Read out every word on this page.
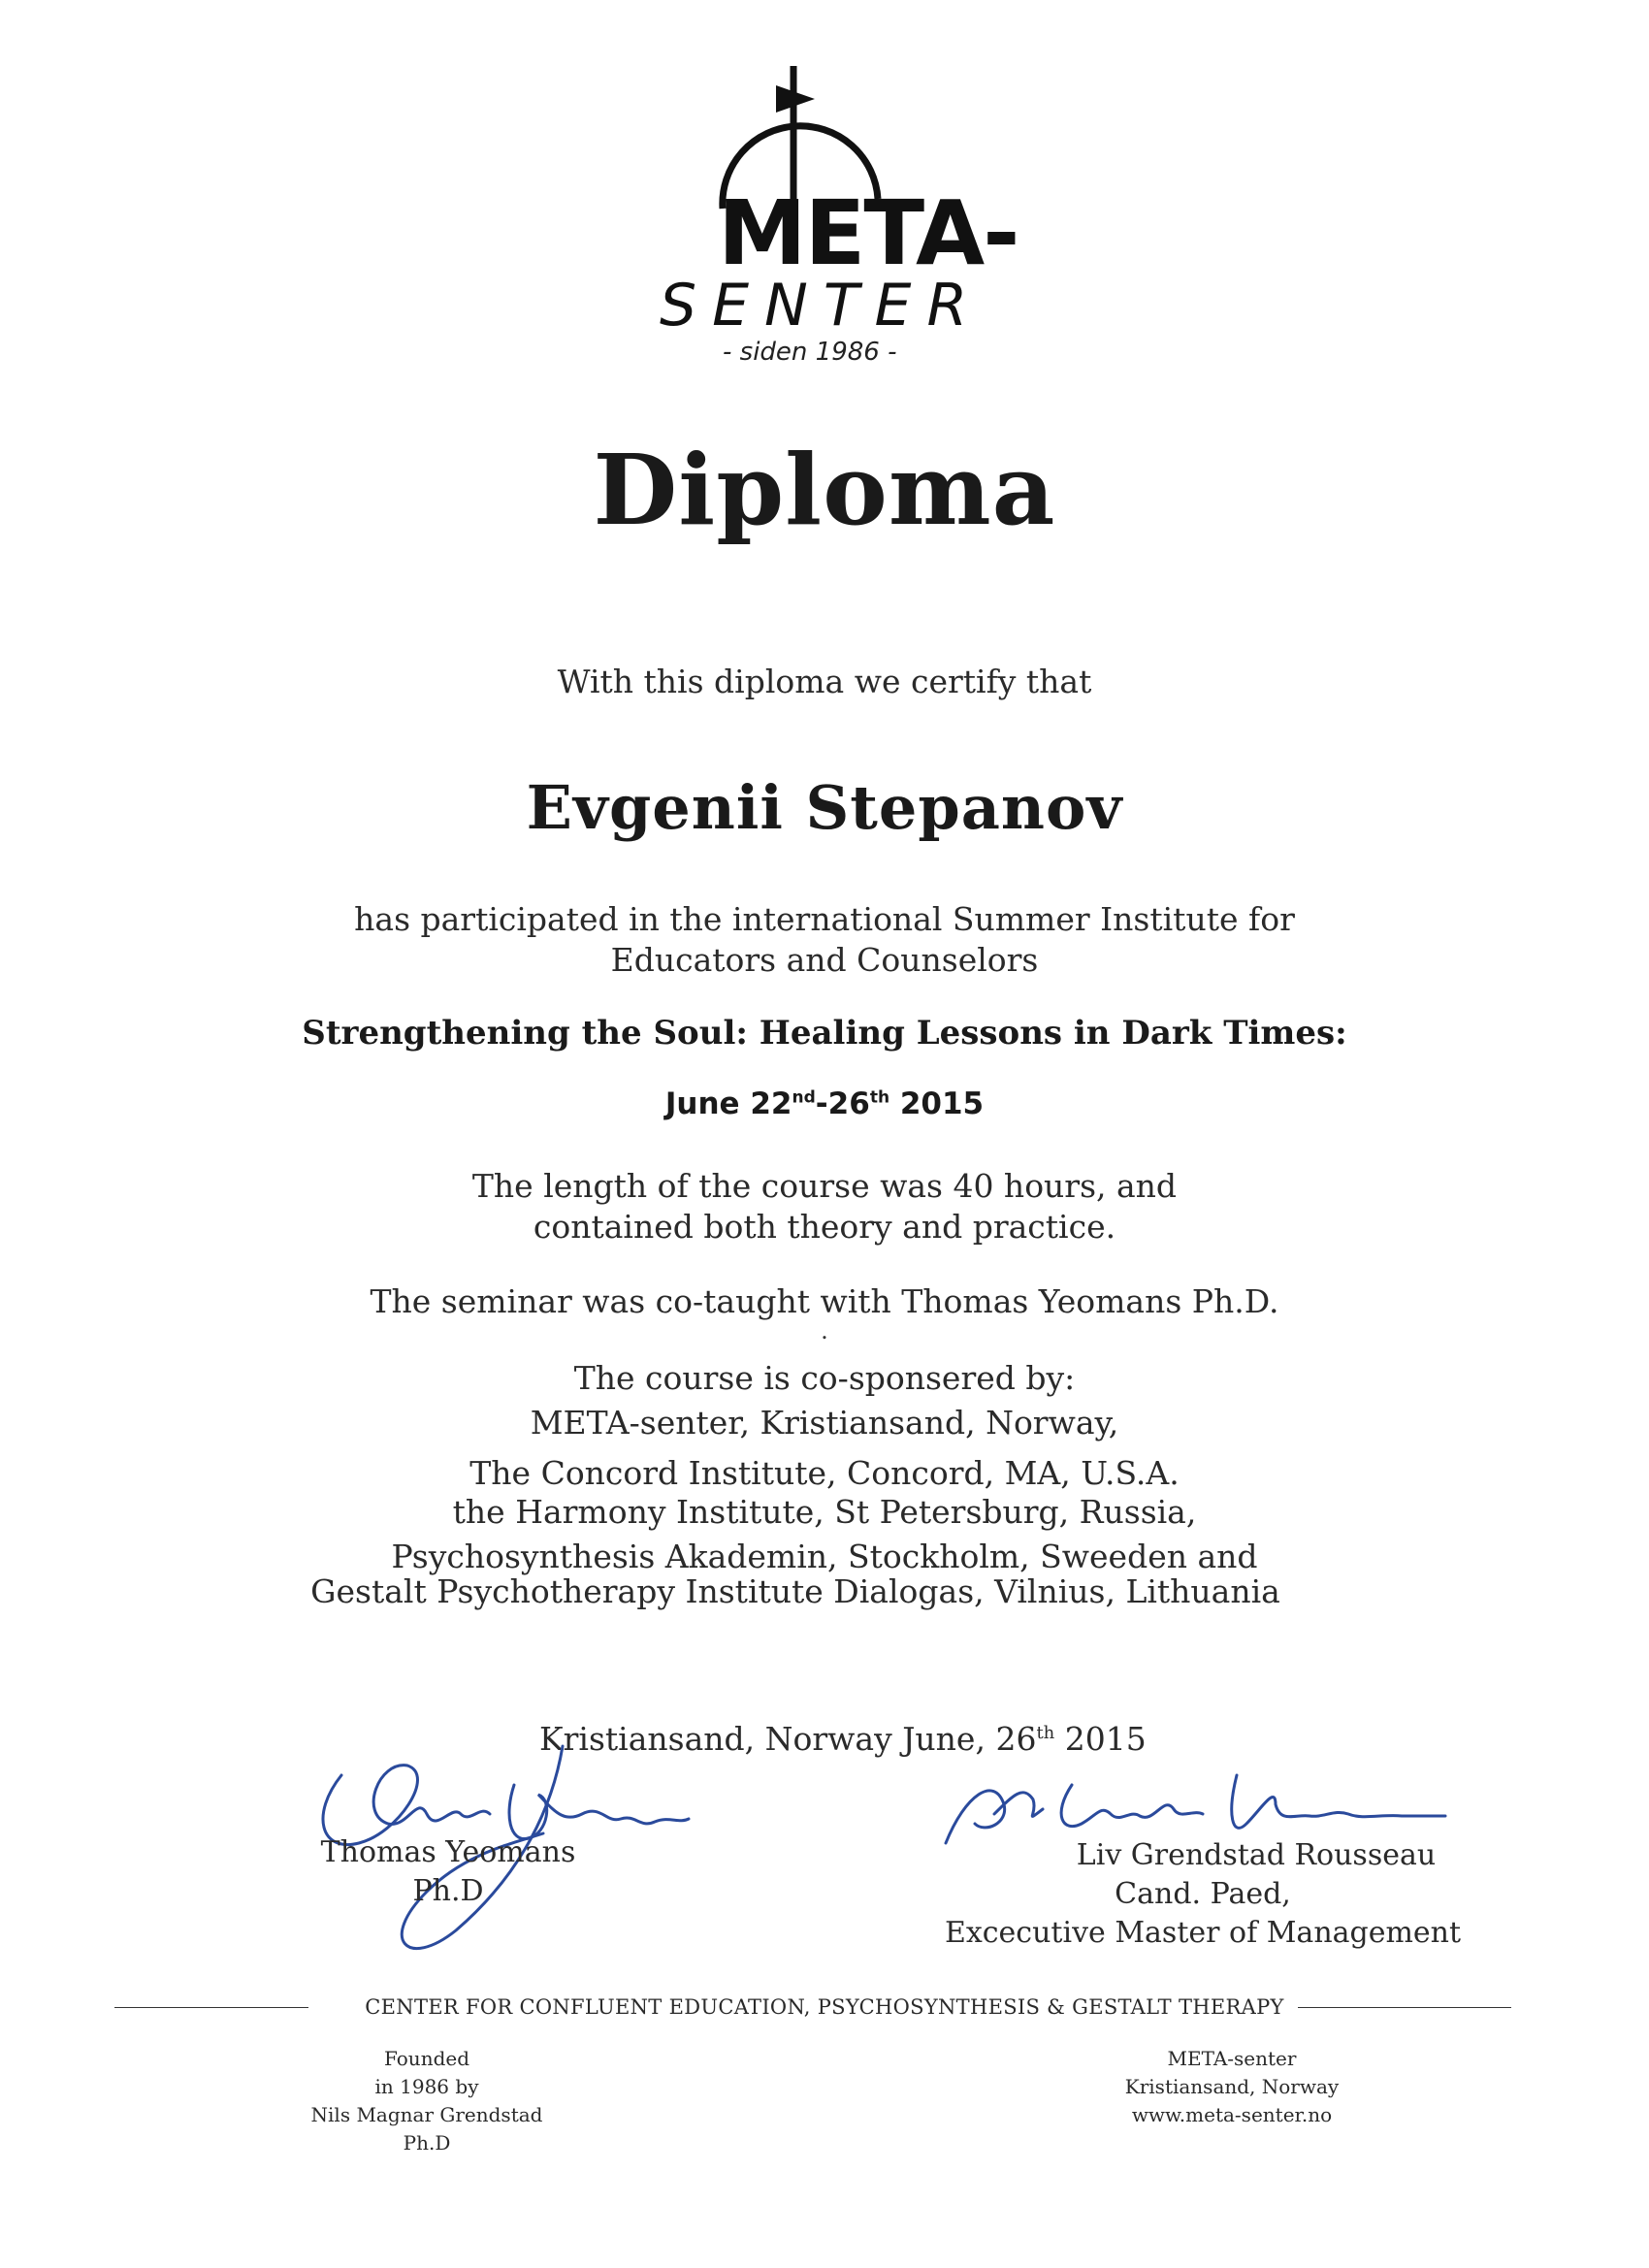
META-
SENTER
- siden 1986 -
Diploma
With this diploma we certify that
Evgenii Stepanov
has participated in the international Summer Institute for
Educators and Counselors
Strengthening the Soul: Healing Lessons in Dark Times:
June 22nd-26th 2015
The length of the course was 40 hours, and
contained both theory and practice.
The seminar was co-taught with Thomas Yeomans Ph.D.
.
The course is co-sponsered by:
META-senter, Kristiansand, Norway,
The Concord Institute, Concord, MA, U.S.A.
the Harmony Institute, St Petersburg, Russia,
Psychosynthesis Akademin, Stockholm, Sweeden and
Gestalt Psychotherapy Institute Dialogas, Vilnius, Lithuania
Kristiansand, Norway June, 26th 2015
Thomas Yeomans
Ph.D
Liv Grendstad Rousseau
Cand. Paed,
Excecutive Master of Management
CENTER FOR CONFLUENT EDUCATION, PSYCHOSYNTHESIS & GESTALT THERAPY
Founded
in 1986 by
Nils Magnar Grendstad
Ph.D
META-senter
Kristiansand, Norway
www.meta-senter.no
